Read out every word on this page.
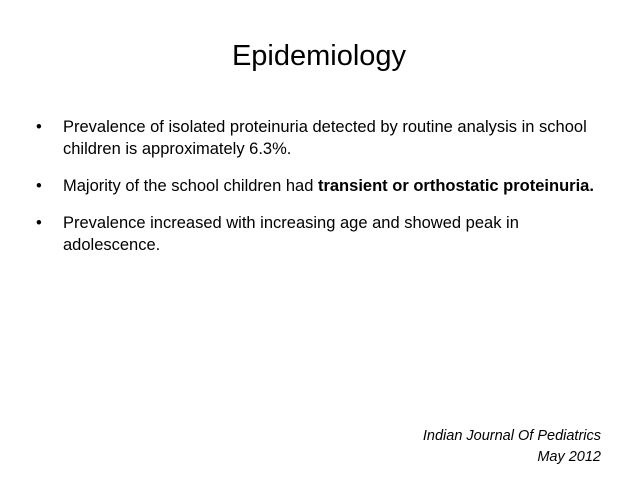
Epidemiology
•	Prevalence of isolated proteinuria detected by routine analysis in school children is approximately 6.3%.
•	Majority of the school children had transient or orthostatic proteinuria.
•	Prevalence increased with increasing age and showed peak in adolescence.
Indian Journal Of Pediatrics
May 2012
